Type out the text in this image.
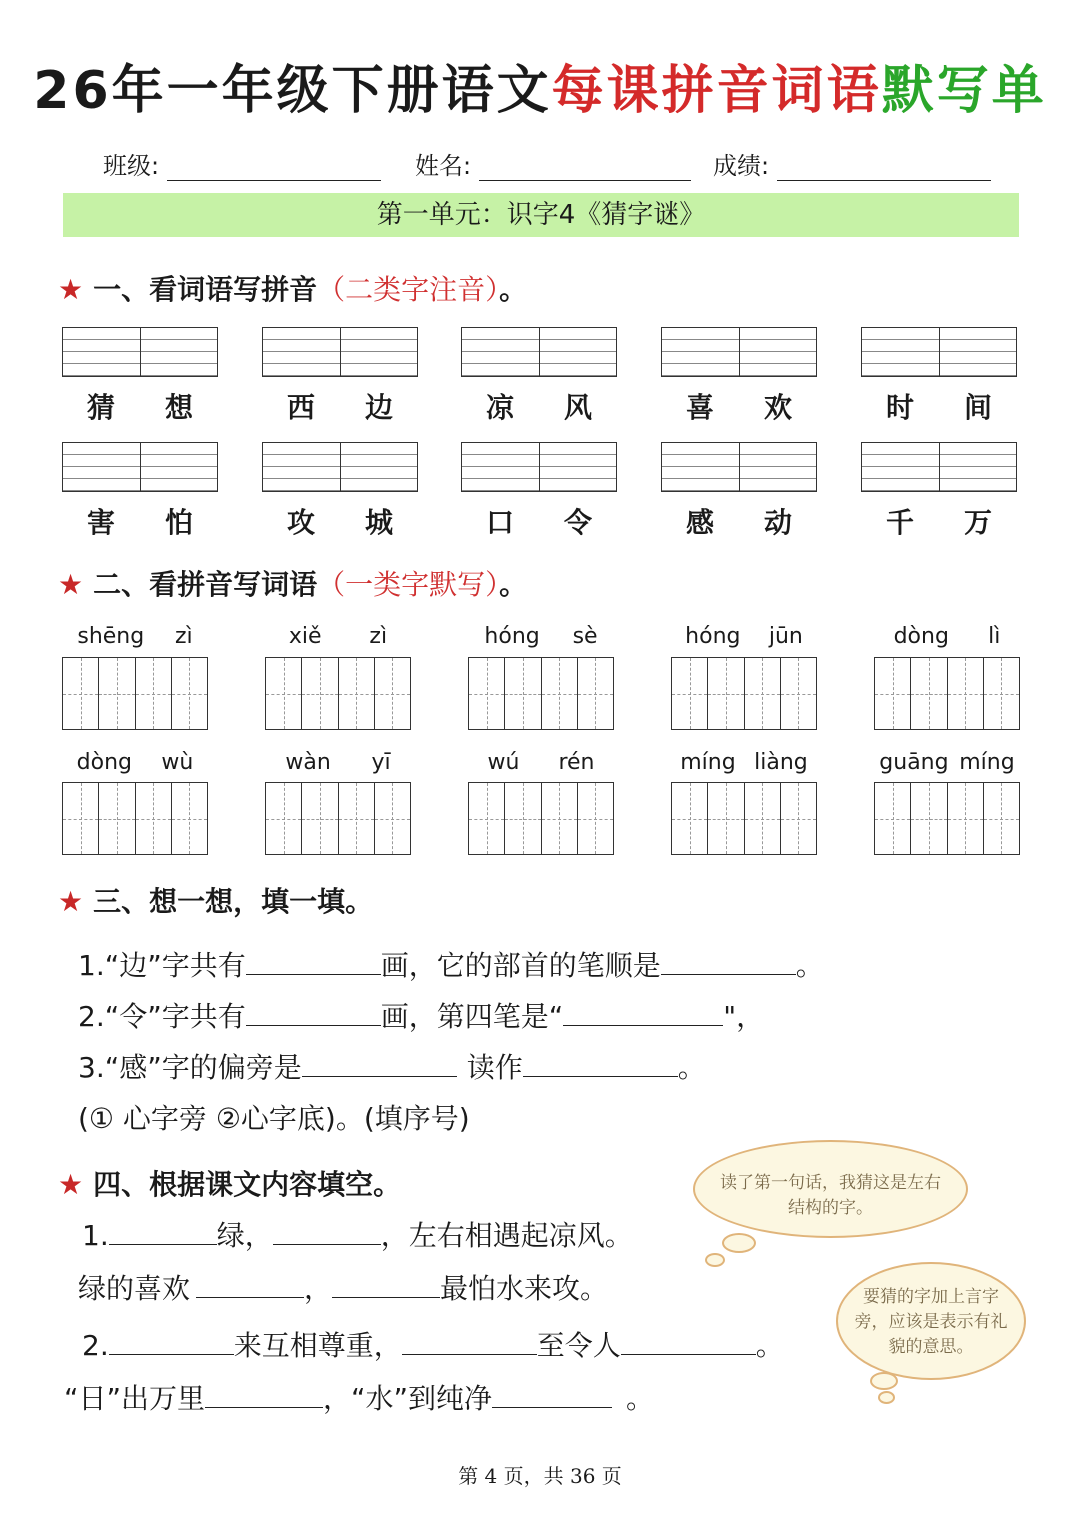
26年一年级下册语文每课拼音词语默写单
班级:	姓名:	成绩:
第一单元：识字4《猜字谜》
★ 一、看词语写拼音（二类字注音）。
猜 想	西 边	凉 风	喜 欢	时 间
害 怕	攻 城	口 令	感 动	千 万
★ 二、看拼音写词语（一类字默写）。
shēng zì	xiě zì	hóng sè	hóng jūn	dòng lì
dòng wù	wàn yī	wú rén	míng liàng	guāng míng
★ 三、想一想，填一填。
1.“边”字共有	画，它的部首的笔顺是	。
2.“令”字共有	画，第四笔是“	"，
3.“感”字的偏旁是	读作	。
(① 心字旁 ②心字底)。(填序号)
★ 四、根据课文内容填空。
1.	绿，	，左右相遇起凉风。
绿的喜欢	，	最怕水来攻。
2.	来互相尊重，	至令人	。
“日”出万里	，“水”到纯净	。
读了第一句话，我猜这是左右结构的字。
要猜的字加上言字旁，应该是表示有礼貌的意思。
第 4 页，共 36 页
